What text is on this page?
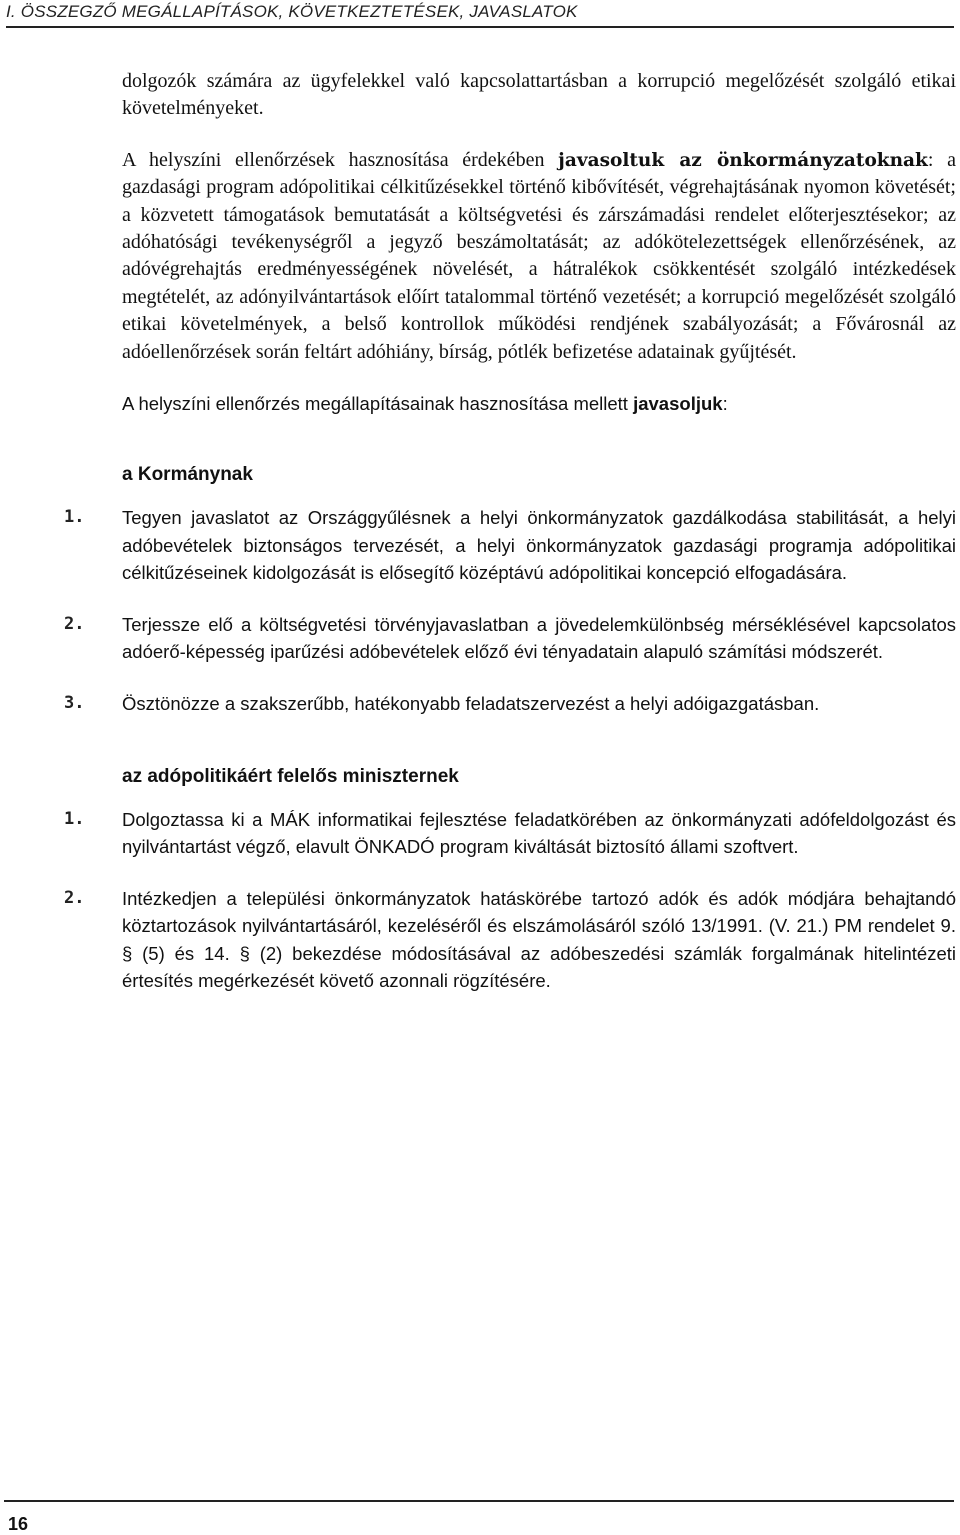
I. ÖSSZEGZŐ MEGÁLLAPÍTÁSOK, KÖVETKEZTETÉSEK, JAVASLATOK

dolgozók számára az ügyfelekkel való kapcsolattartásban a korrupció megelőzését szolgáló etikai követelményeket.

A helyszíni ellenőrzések hasznosítása érdekében javasoltuk az önkormányzatoknak: a gazdasági program adópolitikai célkitűzésekkel történő kibővítését, végrehajtásának nyomon követését; a közvetett támogatások bemutatását a költségvetési és zárszámadási rendelet előterjesztésekor; az adóhatósági tevékenységről a jegyző beszámoltatását; az adókötelezettségek ellenőrzésének, az adóvégrehajtás eredményességének növelését, a hátralékok csökkentését szolgáló intézkedések megtételét, az adónyilvántartások előírt tatalommal történő vezetését; a korrupció megelőzését szolgáló etikai követelmények, a belső kontrollok működési rendjének szabályozását; a Fővárosnál az adóellenőrzések során feltárt adóhiány, bírság, pótlék befizetése adatainak gyűjtését.

A helyszíni ellenőrzés megállapításainak hasznosítása mellett javasoljuk:

a Kormánynak
1. Tegyen javaslatot az Országgyűlésnek a helyi önkormányzatok gazdálkodása stabilitását, a helyi adóbevételek biztonságos tervezését, a helyi önkormányzatok gazdasági programja adópolitikai célkitűzéseinek kidolgozását is elősegítő középtávú adópolitikai koncepció elfogadására.

2. Terjessze elő a költségvetési törvényjavaslatban a jövedelemkülönbség mérséklésével kapcsolatos adóerő-képesség iparűzési adóbevételek előző évi tényadatain alapuló számítási módszerét.

3. Ösztönözze a szakszerűbb, hatékonyabb feladatszervezést a helyi adóigazgatásban.

az adópolitikáért felelős miniszternek
1. Dolgoztassa ki a MÁK informatikai fejlesztése feladatkörében az önkormányzati adófeldolgozást és nyilvántartást végző, elavult ÖNKADÓ program kiváltását biztosító állami szoftvert.

2. Intézkedjen a települési önkormányzatok hatáskörébe tartozó adók és adók módjára behajtandó köztartozások nyilvántartásáról, kezeléséről és elszámolásáról szóló 13/1991. (V. 21.) PM rendelet 9. § (5) és 14. § (2) bekezdése módosításával az adóbeszedési számlák forgalmának hitelintézeti értesítés megérkezését követő azonnali rögzítésére.

16
